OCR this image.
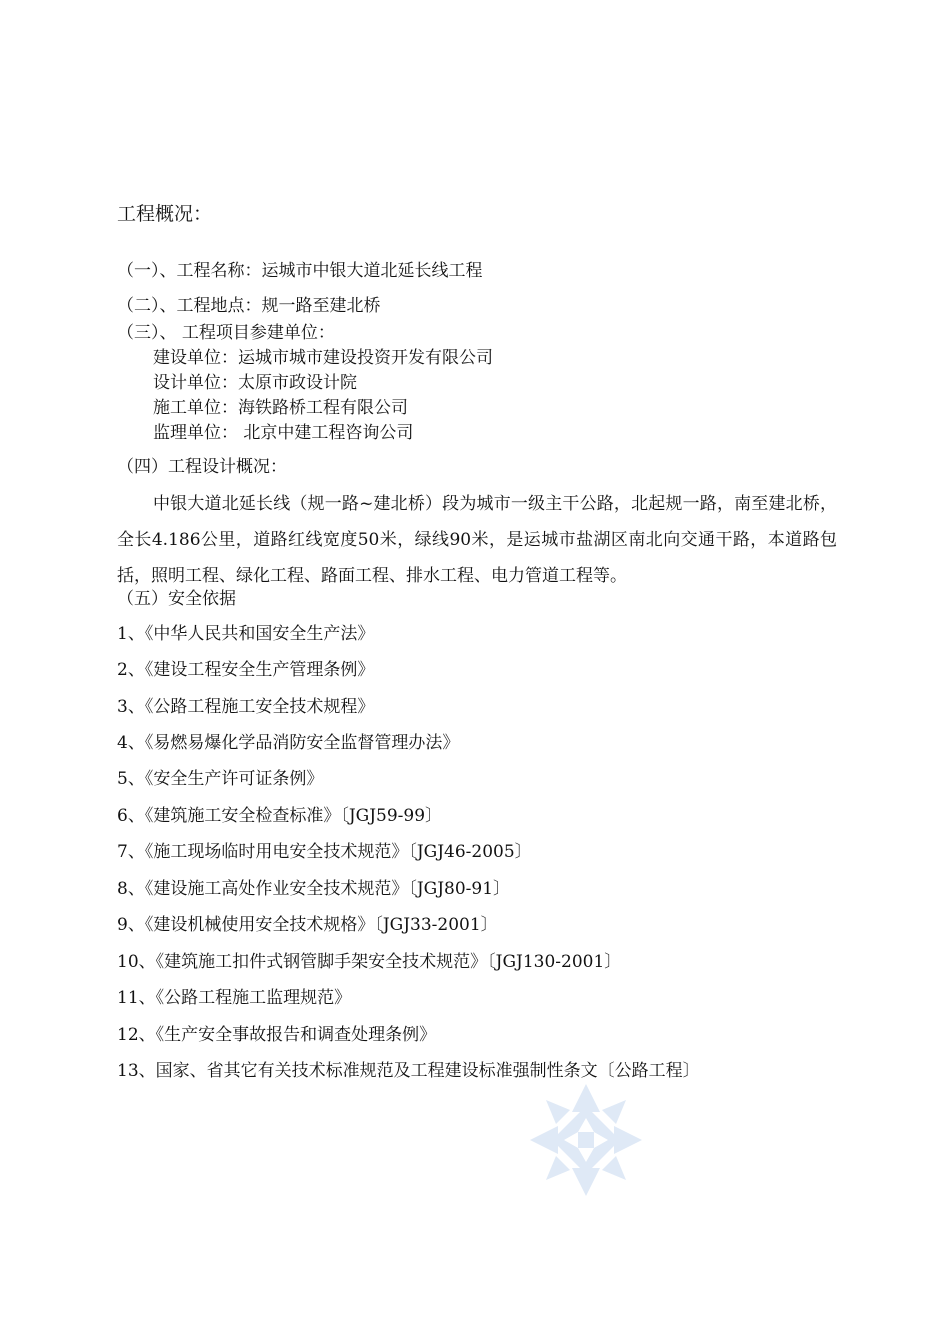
工程概况：
（一）、工程名称：运城市中银大道北延长线工程
（二）、工程地点：规一路至建北桥
（三）、 工程项目参建单位：
建设单位：运城市城市建设投资开发有限公司
设计单位：太原市政设计院
施工单位：海铁路桥工程有限公司
监理单位： 北京中建工程咨询公司
（四）工程设计概况：
中银大道北延长线（规一路~建北桥）段为城市一级主干公路，北起规一路，南至建北桥，全长4.186公里，道路红线宽度50米，绿线90米，是运城市盐湖区南北向交通干路，本道路包括，照明工程、绿化工程、路面工程、排水工程、电力管道工程等。
（五）安全依据
1、《中华人民共和国安全生产法》
2、《建设工程安全生产管理条例》
3、《公路工程施工安全技术规程》
4、《易燃易爆化学品消防安全监督管理办法》
5、《安全生产许可证条例》
6、《建筑施工安全检查标准》〔JGJ59-99〕
7、《施工现场临时用电安全技术规范》〔JGJ46-2005〕
8、《建设施工高处作业安全技术规范》〔JGJ80-91〕
9、《建设机械使用安全技术规格》〔JGJ33-2001〕
10、《建筑施工扣件式钢管脚手架安全技术规范》〔JGJ130-2001〕
11、《公路工程施工监理规范》
12、《生产安全事故报告和调查处理条例》
13、国家、省其它有关技术标准规范及工程建设标准强制性条文〔公路工程〕
